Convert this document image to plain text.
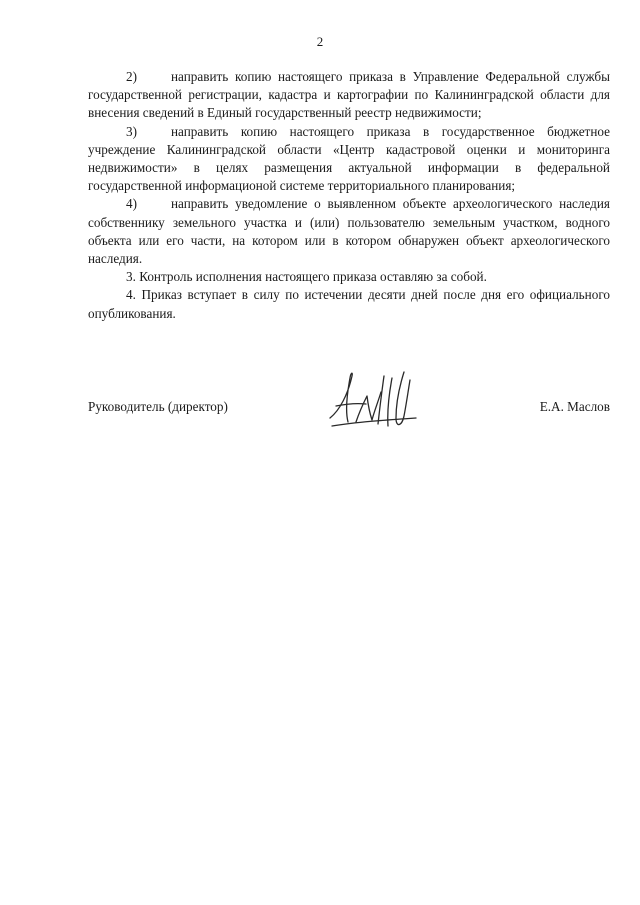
2

2)	направить копию настоящего приказа в Управление Федеральной службы государственной регистрации, кадастра и картографии по Калининградской области для внесения сведений в Единый государственный реестр недвижимости;

3)	направить копию настоящего приказа в государственное бюджетное учреждение Калининградской области «Центр кадастровой оценки и мониторинга недвижимости» в целях размещения актуальной информации в федеральной государственной информационой системе территориального планирования;

4)	направить уведомление о выявленном объекте археологического наследия собственнику земельного участка и (или) пользователю земельным участком, водного объекта или его части, на котором или в котором обнаружен объект археологического наследия.

3. Контроль исполнения настоящего приказа оставляю за собой.

4. Приказ вступает в силу по истечении десяти дней после дня его официального опубликования.

Руководитель (директор)	Е.А. Маслов
